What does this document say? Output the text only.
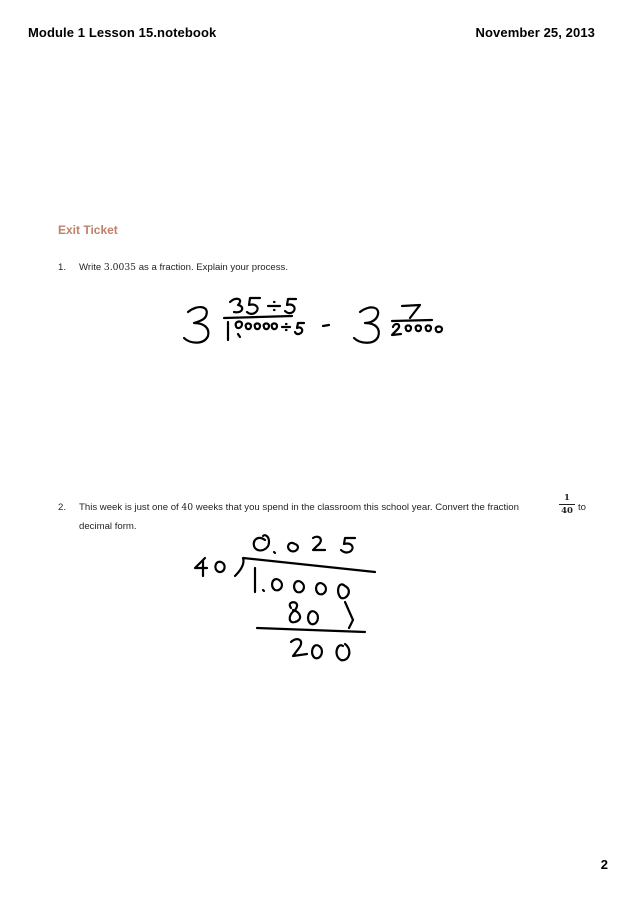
Module 1 Lesson 15.notebook	November 25, 2013
Exit Ticket
1. Write 3.0035 as a fraction. Explain your process.
2. This week is just one of 40 weeks that you spend in the classroom this school year. Convert the fraction
1
40 to
decimal form.
2
